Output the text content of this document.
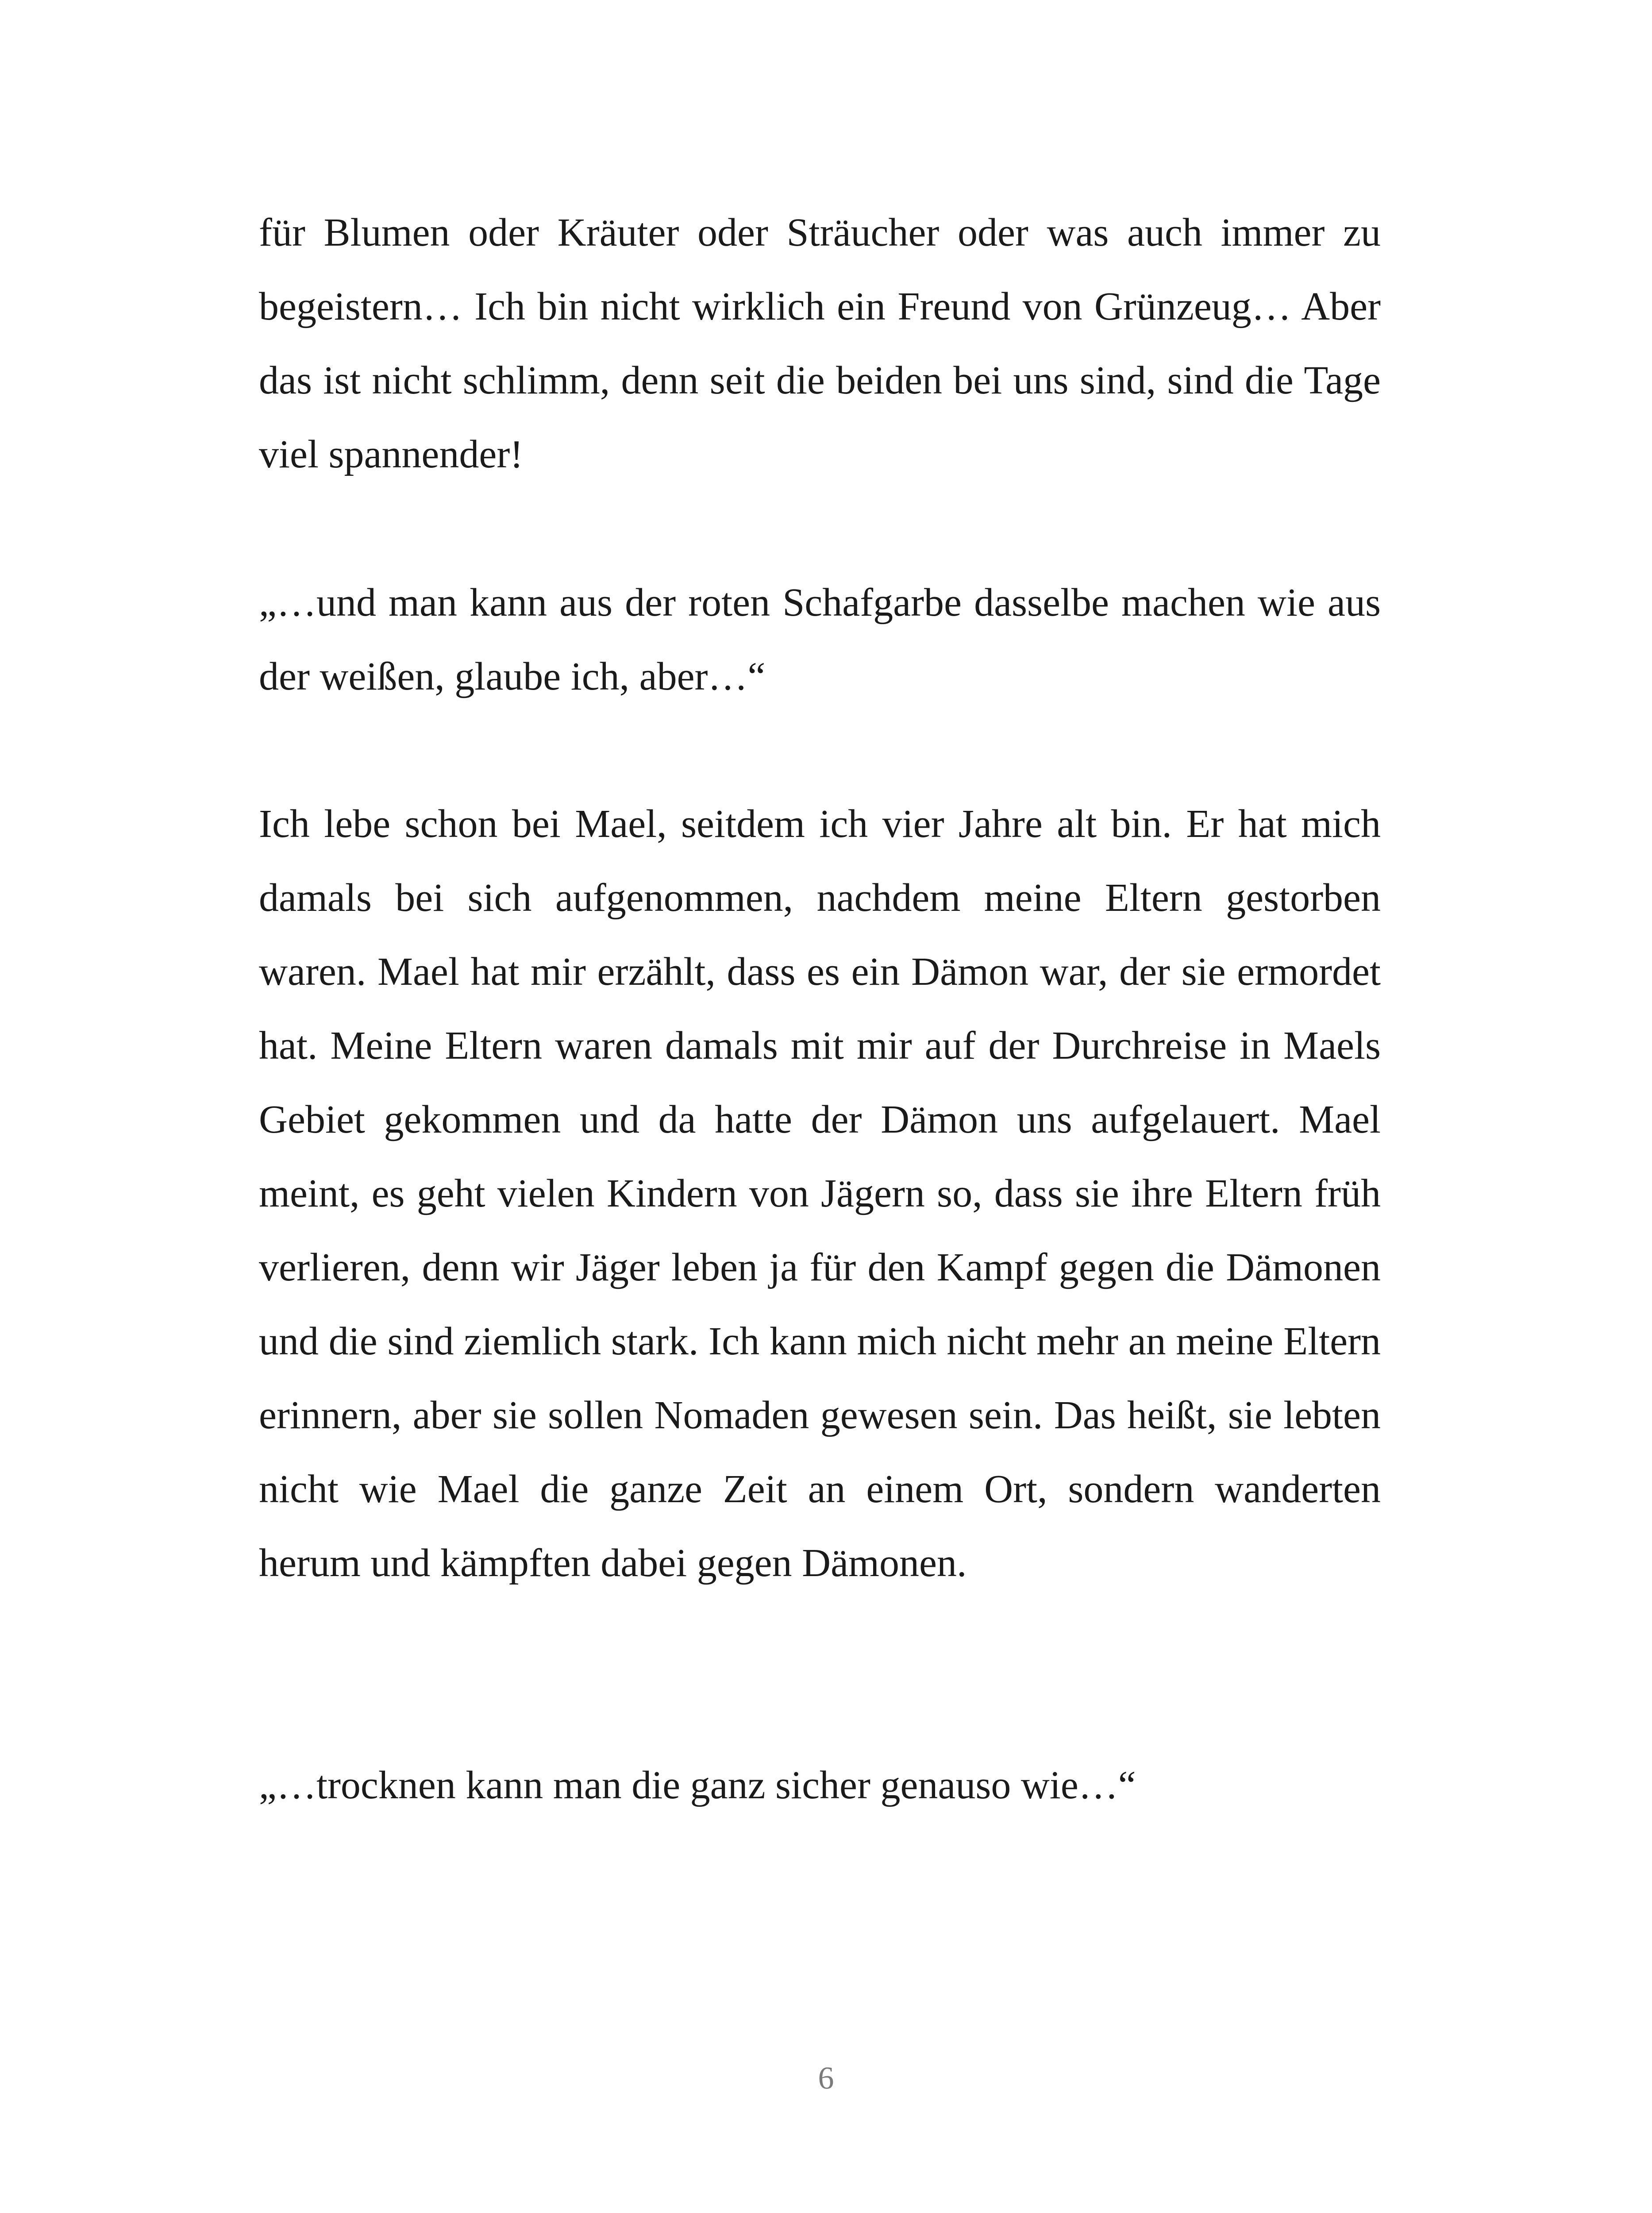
für Blumen oder Kräuter oder Sträucher oder was auch immer zu begeistern… Ich bin nicht wirklich ein Freund von Grünzeug… Aber das ist nicht schlimm, denn seit die beiden bei uns sind, sind die Tage viel spannender!

„…und man kann aus der roten Schafgarbe dasselbe machen wie aus der weißen, glaube ich, aber…“

Ich lebe schon bei Mael, seitdem ich vier Jahre alt bin. Er hat mich damals bei sich aufgenommen, nachdem meine Eltern gestorben waren. Mael hat mir erzählt, dass es ein Dämon war, der sie ermordet hat. Meine Eltern waren damals mit mir auf der Durchreise in Maels Gebiet gekommen und da hatte der Dämon uns aufgelauert. Mael meint, es geht vielen Kindern von Jägern so, dass sie ihre Eltern früh verlieren, denn wir Jäger leben ja für den Kampf gegen die Dämonen und die sind ziemlich stark. Ich kann mich nicht mehr an meine Eltern erinnern, aber sie sollen Nomaden gewesen sein. Das heißt, sie lebten nicht wie Mael die ganze Zeit an einem Ort, sondern wanderten herum und kämpften dabei gegen Dämonen.

„…trocknen kann man die ganz sicher genauso wie…“

6
